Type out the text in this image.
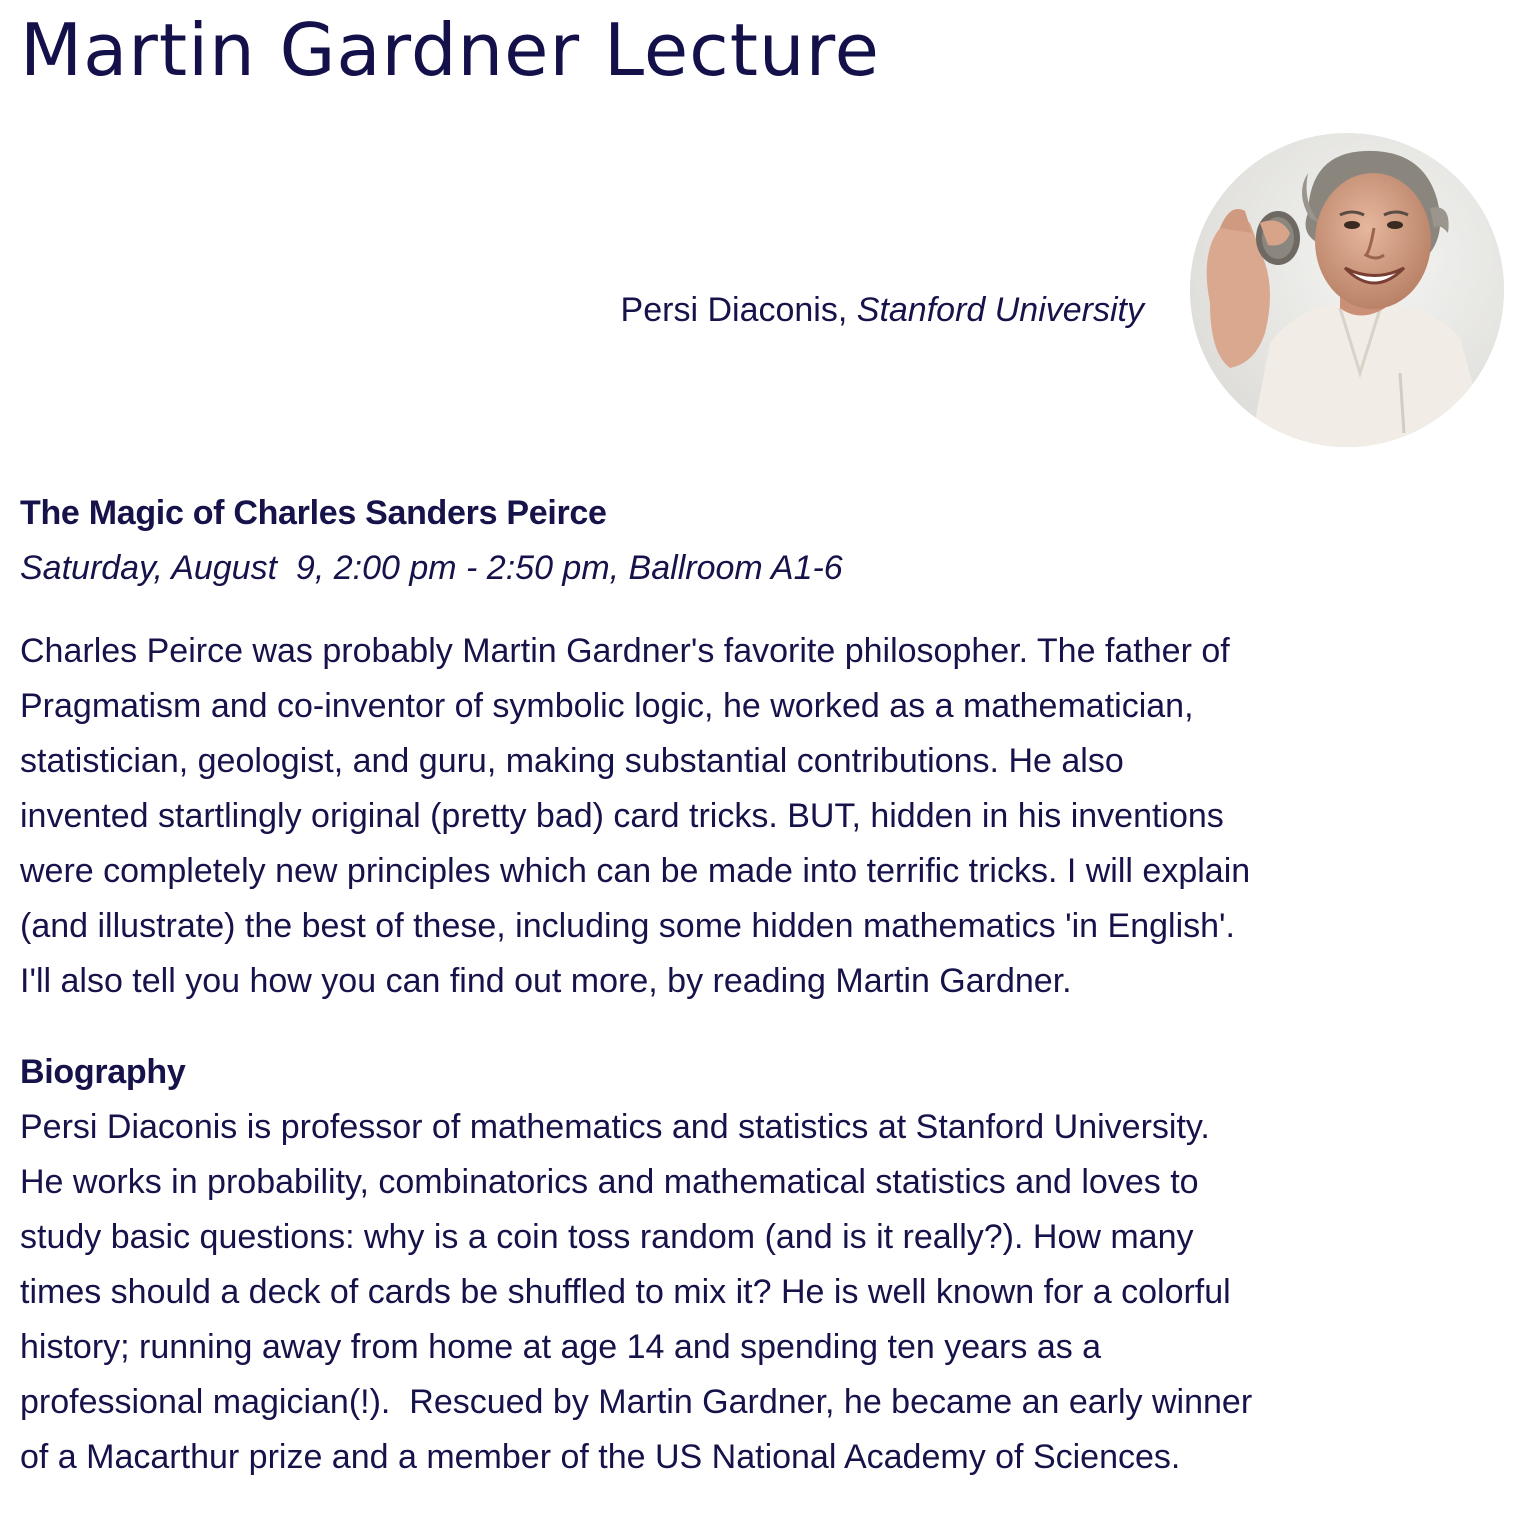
Martin Gardner Lecture
Persi Diaconis, Stanford University
The Magic of Charles Sanders Peirce

Saturday, August  9, 2:00 pm - 2:50 pm, Ballroom A1-6

Charles Peirce was probably Martin Gardner's favorite philosopher. The father of
Pragmatism and co-inventor of symbolic logic, he worked as a mathematician,
statistician, geologist, and guru, making substantial contributions. He also
invented startlingly original (pretty bad) card tricks. BUT, hidden in his inventions
were completely new principles which can be made into terrific tricks. I will explain
(and illustrate) the best of these, including some hidden mathematics 'in English'.
I'll also tell you how you can find out more, by reading Martin Gardner.

Biography

Persi Diaconis is professor of mathematics and statistics at Stanford University.
He works in probability, combinatorics and mathematical statistics and loves to
study basic questions: why is a coin toss random (and is it really?). How many
times should a deck of cards be shuffled to mix it? He is well known for a colorful
history; running away from home at age 14 and spending ten years as a
professional magician(!).  Rescued by Martin Gardner, he became an early winner
of a Macarthur prize and a member of the US National Academy of Sciences.
